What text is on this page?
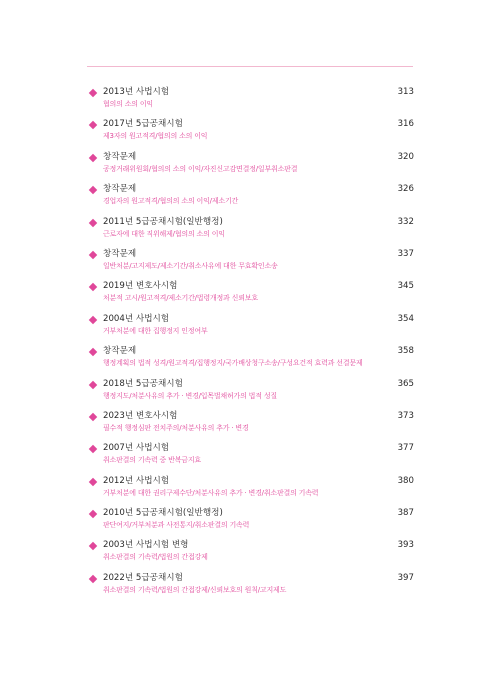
2013년 사법시험	313
협의의 소의 이익
2017년 5급공채시험	316
제3자의 원고적격/협의의 소의 이익
창작문제	320
공정거래위원회/협의의 소의 이익/자진신고감면결정/일부취소판결
창작문제	326
경업자의 원고적격/협의의 소의 이익/제소기간
2011년 5급공채시험(일반행정)	332
근로자에 대한 직위해제/협의의 소의 이익
창작문제	337
일반처분/고지제도/제소기간/취소사유에 대한 무효확인소송
2019년 변호사시험	345
처분적 고시/원고적격/제소기간/법령개정과 신뢰보호
2004년 사법시험	354
거부처분에 대한 집행정지 인정여부
창작문제	358
행정계획의 법적 성격/원고적격/집행정지/국가배상청구소송/구성요건적 효력과 선결문제
2018년 5급공채시험	365
행정지도/처분사유의 추가 · 변경/입목벌채허가의 법적 성질
2023년 변호사시험	373
필수적 행정심판 전치주의/처분사유의 추가 · 변경
2007년 사법시험	377
취소판결의 기속력 중 반복금지효
2012년 사법시험	380
거부처분에 대한 권리구제수단/처분사유의 추가 · 변경/취소판결의 기속력
2010년 5급공채시험(일반행정)	387
판단여지/거부처분과 사전통지/취소판결의 기속력
2003년 사법시험 변형	393
취소판결의 기속력/법원의 간접강제
2022년 5급공채시험	397
취소판결의 기속력/법원의 간접강제/신뢰보호의 원칙/고지제도
